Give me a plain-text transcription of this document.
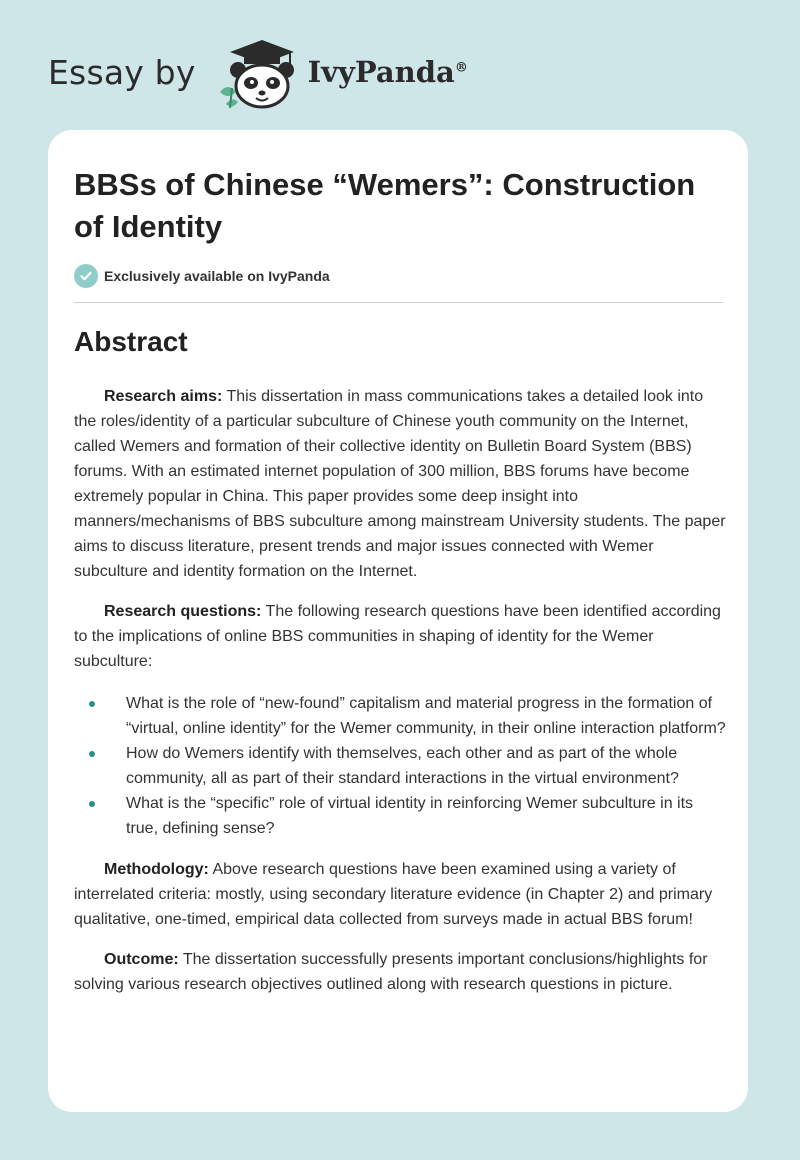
Essay by	IvyPanda®
BBSs of Chinese “Wemers”: Construction of Identity
Exclusively available on IvyPanda
Abstract

Research aims: This dissertation in mass communications takes a detailed look into the roles/identity of a particular subculture of Chinese youth community on the Internet, called Wemers and formation of their collective identity on Bulletin Board System (BBS) forums. With an estimated internet population of 300 million, BBS forums have become extremely popular in China. This paper provides some deep insight into manners/mechanisms of BBS subculture among mainstream University students. The paper aims to discuss literature, present trends and major issues connected with Wemer subculture and identity formation on the Internet.

Research questions: The following research questions have been identified according to the implications of online BBS communities in shaping of identity for the Wemer subculture:

What is the role of “new-found” capitalism and material progress in the formation of “virtual, online identity” for the Wemer community, in their online interaction platform?
How do Wemers identify with themselves, each other and as part of the whole community, all as part of their standard interactions in the virtual environment?
What is the “specific” role of virtual identity in reinforcing Wemer subculture in its true, defining sense?

Methodology: Above research questions have been examined using a variety of interrelated criteria: mostly, using secondary literature evidence (in Chapter 2) and primary qualitative, one-timed, empirical data collected from surveys made in actual BBS forum!

Outcome: The dissertation successfully presents important conclusions/highlights for solving various research objectives outlined along with research questions in picture.
